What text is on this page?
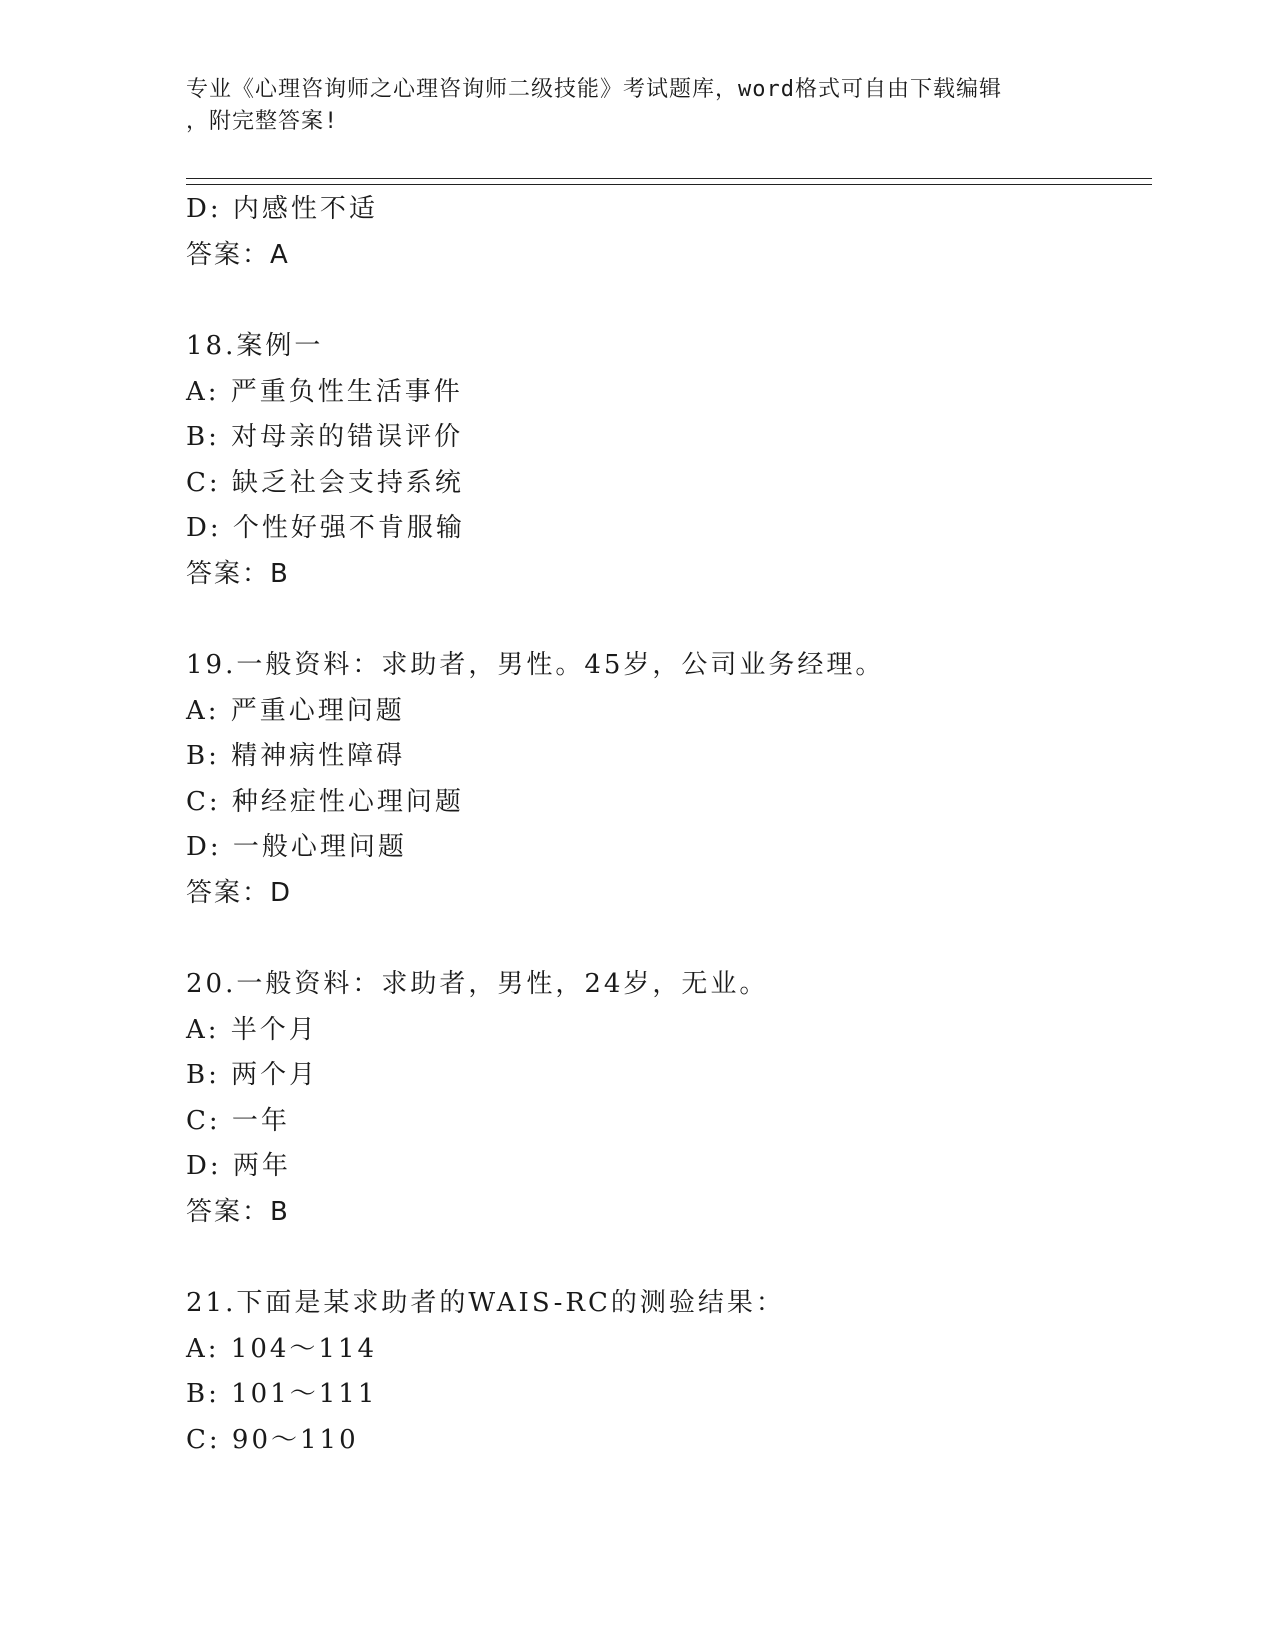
专业《心理咨询师之心理咨询师二级技能》考试题库，word格式可自由下载编辑
，附完整答案!
D: 内感性不适
答案：A
18.案例一
A: 严重负性生活事件
B: 对母亲的错误评价
C: 缺乏社会支持系统
D: 个性好强不肯服输
答案：B
19.一般资料：求助者，男性。45岁，公司业务经理。
A: 严重心理问题
B: 精神病性障碍
C: 种经症性心理问题
D: 一般心理问题
答案：D
20.一般资料：求助者，男性，24岁，无业。
A: 半个月
B: 两个月
C: 一年
D: 两年
答案：B
21.下面是某求助者的WAIS-RC的测验结果：
A: 104～114
B: 101～111
C: 90～110
